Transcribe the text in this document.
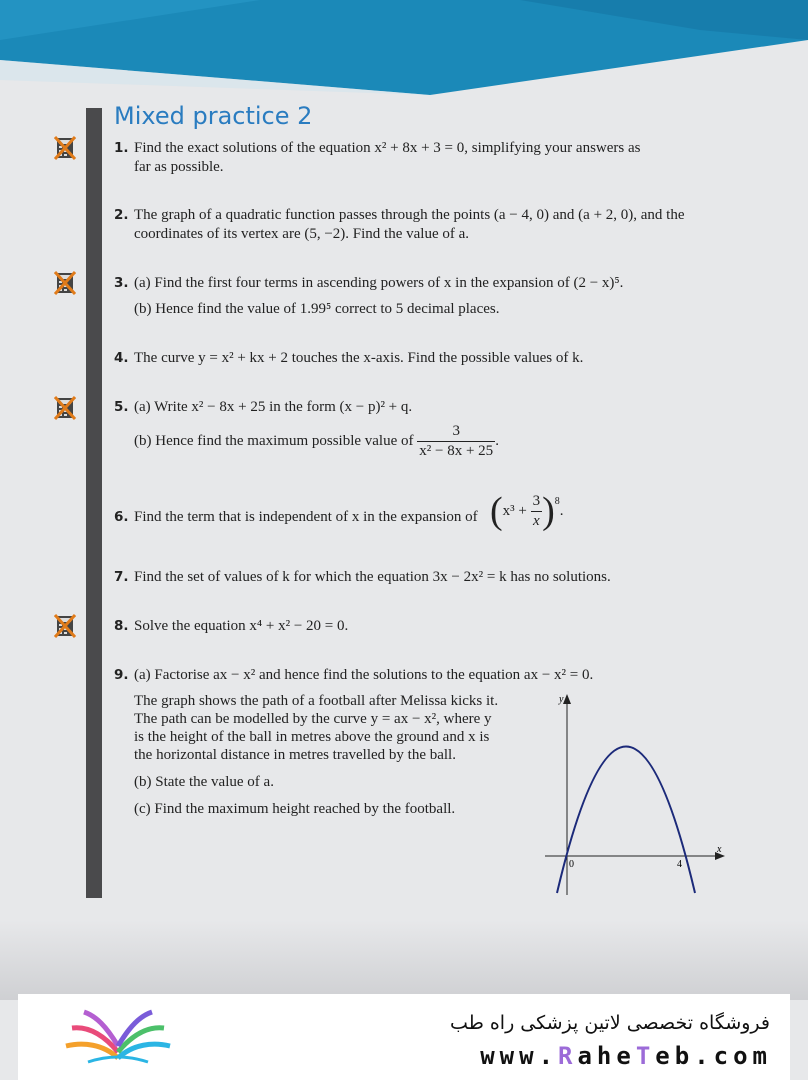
Mixed practice 2
1. Find the exact solutions of the equation x² + 8x + 3 = 0, simplifying your answers as
far as possible.
2. The graph of a quadratic function passes through the points (a − 4, 0) and (a + 2, 0), and the
coordinates of its vertex are (5, −2). Find the value of a.
3. (a) Find the first four terms in ascending powers of x in the expansion of (2 − x)⁵.
(b) Hence find the value of 1.99⁵ correct to 5 decimal places.
4. The curve y = x² + kx + 2 touches the x-axis. Find the possible values of k.
5. (a) Write x² − 8x + 25 in the form (x − p)² + q.
(b) Hence find the maximum possible value of $\frac{3}{\text{x² − 8x + 25}}$ .
6. Find the term that is independent of x in the expansion of $(x^3 + \frac{3}{x} )^8$.
7. Find the set of values of k for which the equation 3x − 2x² = k has no solutions.
8. Solve the equation x⁴ + x² − 20 = 0.
9. (a) Factorise ax − x² and hence find the solutions to the equation ax − x² = 0.
The graph shows the path of a football after Melissa kicks it.
The path can be modelled by the curve y = ax − x², where y
is the height of the ball in metres above the ground and x is
the horizontal distance in metres travelled by the ball.
(b) State the value of a.
(c) Find the maximum height reached by the football.
y
x
0	4
فروشگاه تخصصی لاتین پزشکی راه طب
www.RaheTeb.com
